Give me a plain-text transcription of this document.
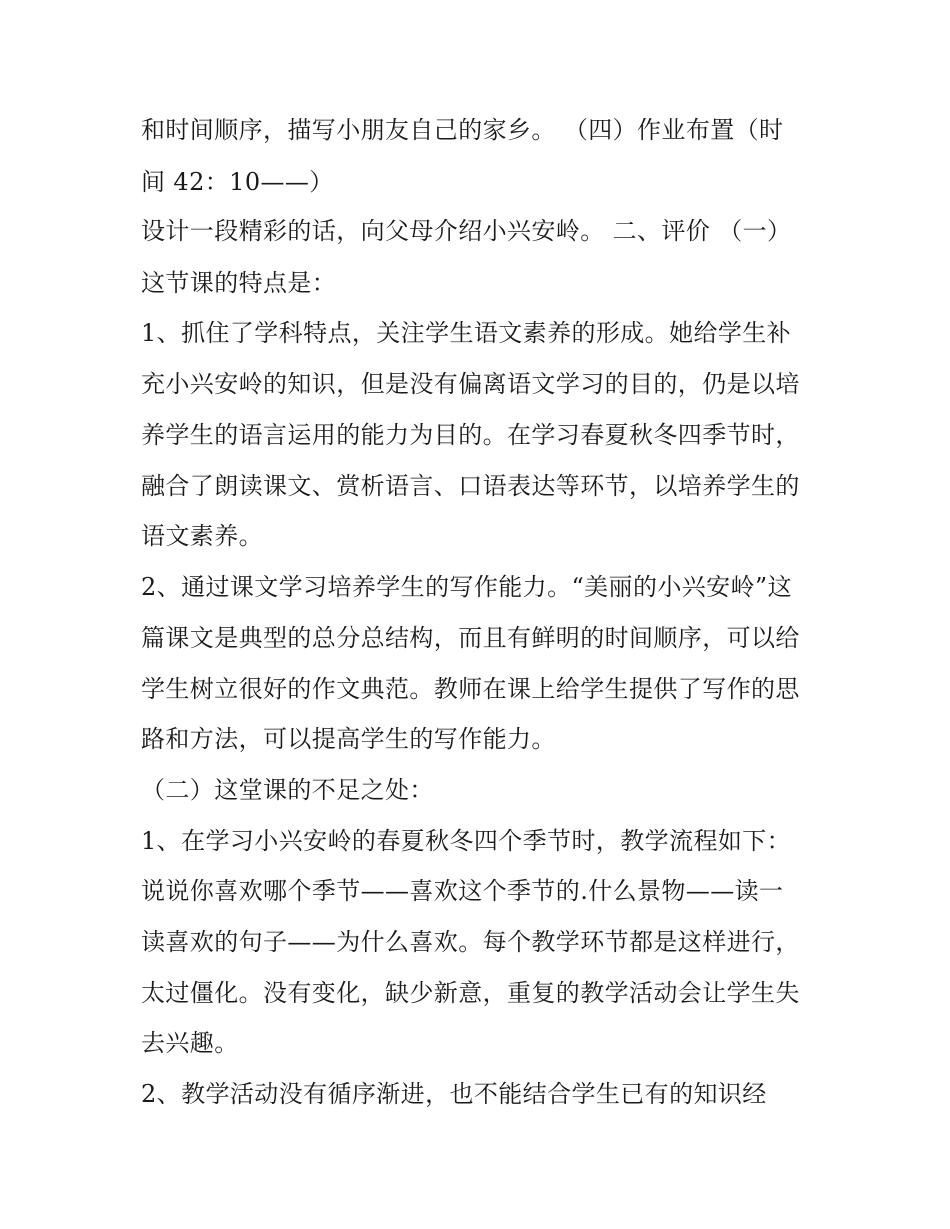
和时间顺序，描写小朋友自己的家乡。 （四）作业布置（时
间 42：10——）
设计一段精彩的话，向父母介绍小兴安岭。 二、评价 （一）
这节课的特点是：
1、抓住了学科特点，关注学生语文素养的形成。她给学生补
充小兴安岭的知识，但是没有偏离语文学习的目的，仍是以培
养学生的语言运用的能力为目的。在学习春夏秋冬四季节时，
融合了朗读课文、赏析语言、口语表达等环节，以培养学生的
语文素养。
2、通过课文学习培养学生的写作能力。“美丽的小兴安岭”这
篇课文是典型的总分总结构，而且有鲜明的时间顺序，可以给
学生树立很好的作文典范。教师在课上给学生提供了写作的思
路和方法，可以提高学生的写作能力。
（二）这堂课的不足之处：
1、在学习小兴安岭的春夏秋冬四个季节时，教学流程如下：
说说你喜欢哪个季节——喜欢这个季节的.什么景物——读一
读喜欢的句子——为什么喜欢。每个教学环节都是这样进行，
太过僵化。没有变化，缺少新意，重复的教学活动会让学生失
去兴趣。
2、教学活动没有循序渐进，也不能结合学生已有的知识经
